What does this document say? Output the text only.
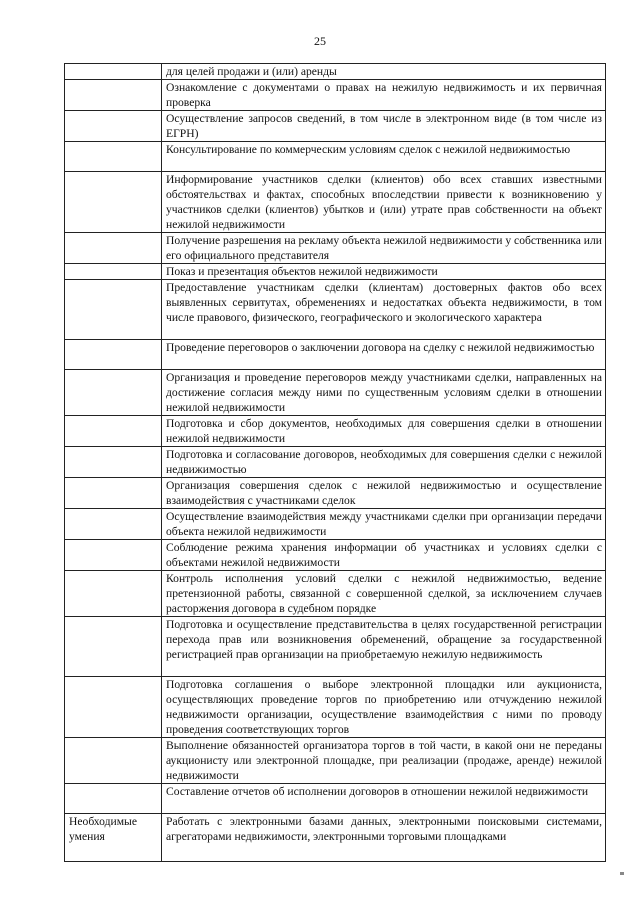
25

	для целей продажи и (или) аренды

	Ознакомление с документами о правах на нежилую недвижимость и их первичная проверка

	Осуществление запросов сведений, в том числе в электронном виде (в том числе из ЕГРН)

	Консультирование по коммерческим условиям сделок с нежилой недвижимостью

	Информирование участников сделки (клиентов) обо всех ставших известными обстоятельствах и фактах, способных впоследствии привести к возникновению у участников сделки (клиентов) убытков и (или) утрате прав собственности на объект нежилой недвижимости

	Получение разрешения на рекламу объекта нежилой недвижимости у собственника или его официального представителя

	Показ и презентация объектов нежилой недвижимости

	Предоставление участникам сделки (клиентам) достоверных фактов обо всех выявленных сервитутах, обременениях и недостатках объекта недвижимости, в том числе правового, физического, географического и экологического характера

	Проведение переговоров о заключении договора на сделку с нежилой недвижимостью

	Организация и проведение переговоров между участниками сделки, направленных на достижение согласия между ними по существенным условиям сделки в отношении нежилой недвижимости

	Подготовка и сбор документов, необходимых для совершения сделки в отношении нежилой недвижимости

	Подготовка и согласование договоров, необходимых для совершения сделки с нежилой недвижимостью

	Организация совершения сделок с нежилой недвижимостью и осуществление взаимодействия с участниками сделок

	Осуществление взаимодействия между участниками сделки при организации передачи объекта нежилой недвижимости

	Соблюдение режима хранения информации об участниках и условиях сделки с объектами нежилой недвижимости

	Контроль исполнения условий сделки с нежилой недвижимостью, ведение претензионной работы, связанной с совершенной сделкой, за исключением случаев расторжения договора в судебном порядке

	Подготовка и осуществление представительства в целях государственной регистрации перехода прав или возникновения обременений, обращение за государственной регистрацией прав организации на приобретаемую нежилую недвижимость

	Подготовка соглашения о выборе электронной площадки или аукциониста, осуществляющих проведение торгов по приобретению или отчуждению нежилой недвижимости организации, осуществление взаимодействия с ними по проводу проведения соответствующих торгов

	Выполнение обязанностей организатора торгов в той части, в какой они не переданы аукционисту или электронной площадке, при реализации (продаже, аренде) нежилой недвижимости

	Составление отчетов об исполнении договоров в отношении нежилой недвижимости

Необходимые умения	Работать с электронными базами данных, электронными поисковыми системами, агрегаторами недвижимости, электронными торговыми площадками
